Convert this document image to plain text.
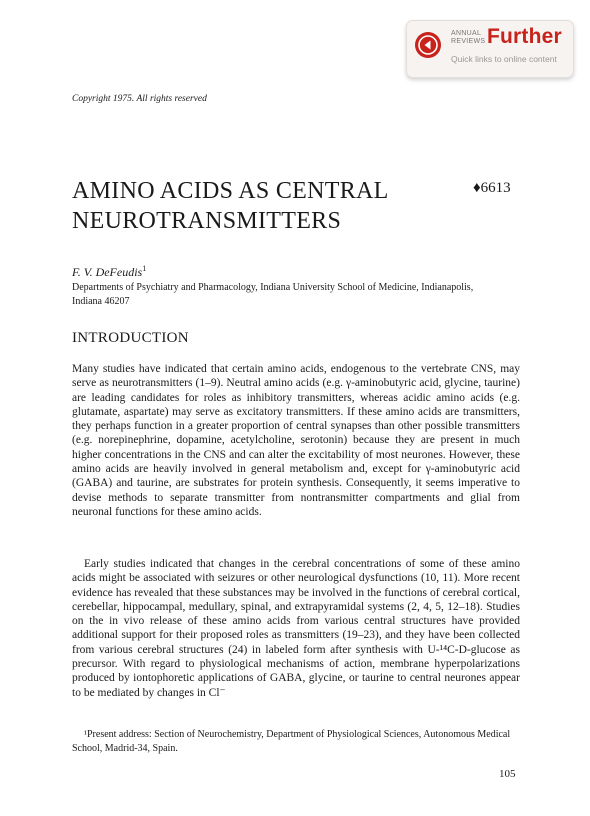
ANNUAL
REVIEWS Further
Quick links to online content
Copyright 1975. All rights reserved
AMINO ACIDS AS CENTRAL NEUROTRANSMITTERS
♦6613
F. V. DeFeudis$^1$
Departments of Psychiatry and Pharmacology, Indiana University School of Medicine, Indianapolis, Indiana 46207
INTRODUCTION

Many studies have indicated that certain amino acids, endogenous to the vertebrate CNS, may serve as neurotransmitters (1–9). Neutral amino acids (e.g. γ-aminobutyric acid, glycine, taurine) are leading candidates for roles as inhibitory transmitters, whereas acidic amino acids (e.g. glutamate, aspartate) may serve as excitatory transmitters. If these amino acids are transmitters, they perhaps function in a greater proportion of central synapses than other possible transmitters (e.g. norepinephrine, dopamine, acetylcholine, serotonin) because they are present in much higher concentrations in the CNS and can alter the excitability of most neurones. However, these amino acids are heavily involved in general metabolism and, except for γ-aminobutyric acid (GABA) and taurine, are substrates for protein synthesis. Consequently, it seems imperative to devise methods to separate transmitter from nontransmitter compartments and glial from neuronal functions for these amino acids.

Early studies indicated that changes in the cerebral concentrations of some of these amino acids might be associated with seizures or other neurological dysfunctions (10, 11). More recent evidence has revealed that these substances may be involved in the functions of cerebral cortical, cerebellar, hippocampal, medullary, spinal, and extrapyramidal systems (2, 4, 5, 12–18). Studies on the in vivo release of these amino acids from various central structures have provided additional support for their proposed roles as transmitters (19–23), and they have been collected from various cerebral structures (24) in labeled form after synthesis with U-¹⁴C-D-glucose as precursor. With regard to physiological mechanisms of action, membrane hyperpolarizations produced by iontophoretic applications of GABA, glycine, or taurine to central neurones appear to be mediated by changes in Cl⁻

¹Present address: Section of Neurochemistry, Department of Physiological Sciences, Autonomous Medical School, Madrid-34, Spain.

105
